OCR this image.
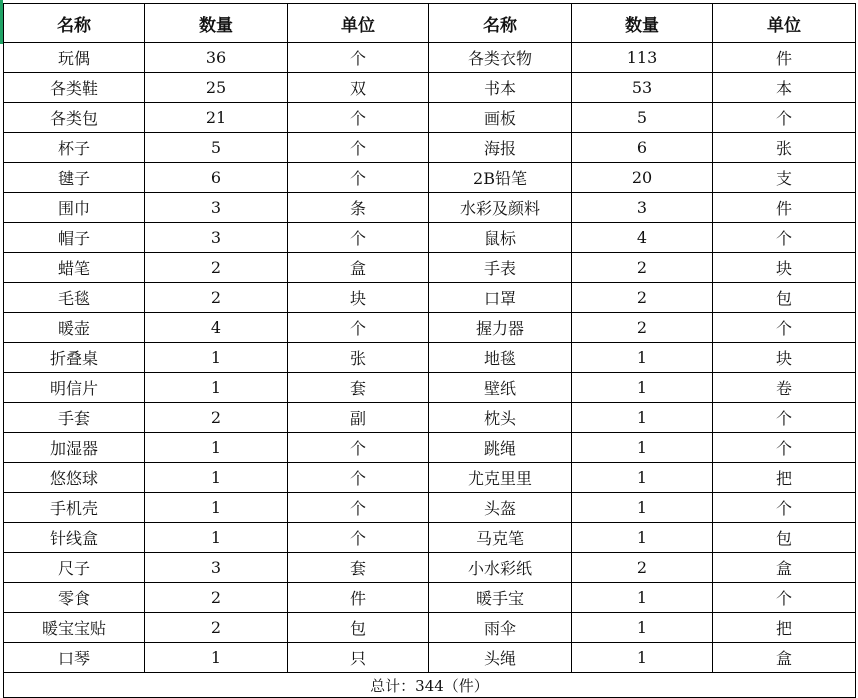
名称	数量	单位	名称	数量	单位
玩偶	36	个	各类衣物	113	件
各类鞋	25	双	书本	53	本
各类包	21	个	画板	5	个
杯子	5	个	海报	6	张
毽子	6	个	2B铅笔	20	支
围巾	3	条	水彩及颜料	3	件
帽子	3	个	鼠标	4	个
蜡笔	2	盒	手表	2	块
毛毯	2	块	口罩	2	包
暖壶	4	个	握力器	2	个
折叠桌	1	张	地毯	1	块
明信片	1	套	壁纸	1	卷
手套	2	副	枕头	1	个
加湿器	1	个	跳绳	1	个
悠悠球	1	个	尤克里里	1	把
手机壳	1	个	头盔	1	个
针线盒	1	个	马克笔	1	包
尺子	3	套	小水彩纸	2	盒
零食	2	件	暖手宝	1	个
暖宝宝贴	2	包	雨伞	1	把
口琴	1	只	头绳	1	盒
总计：344（件）					
